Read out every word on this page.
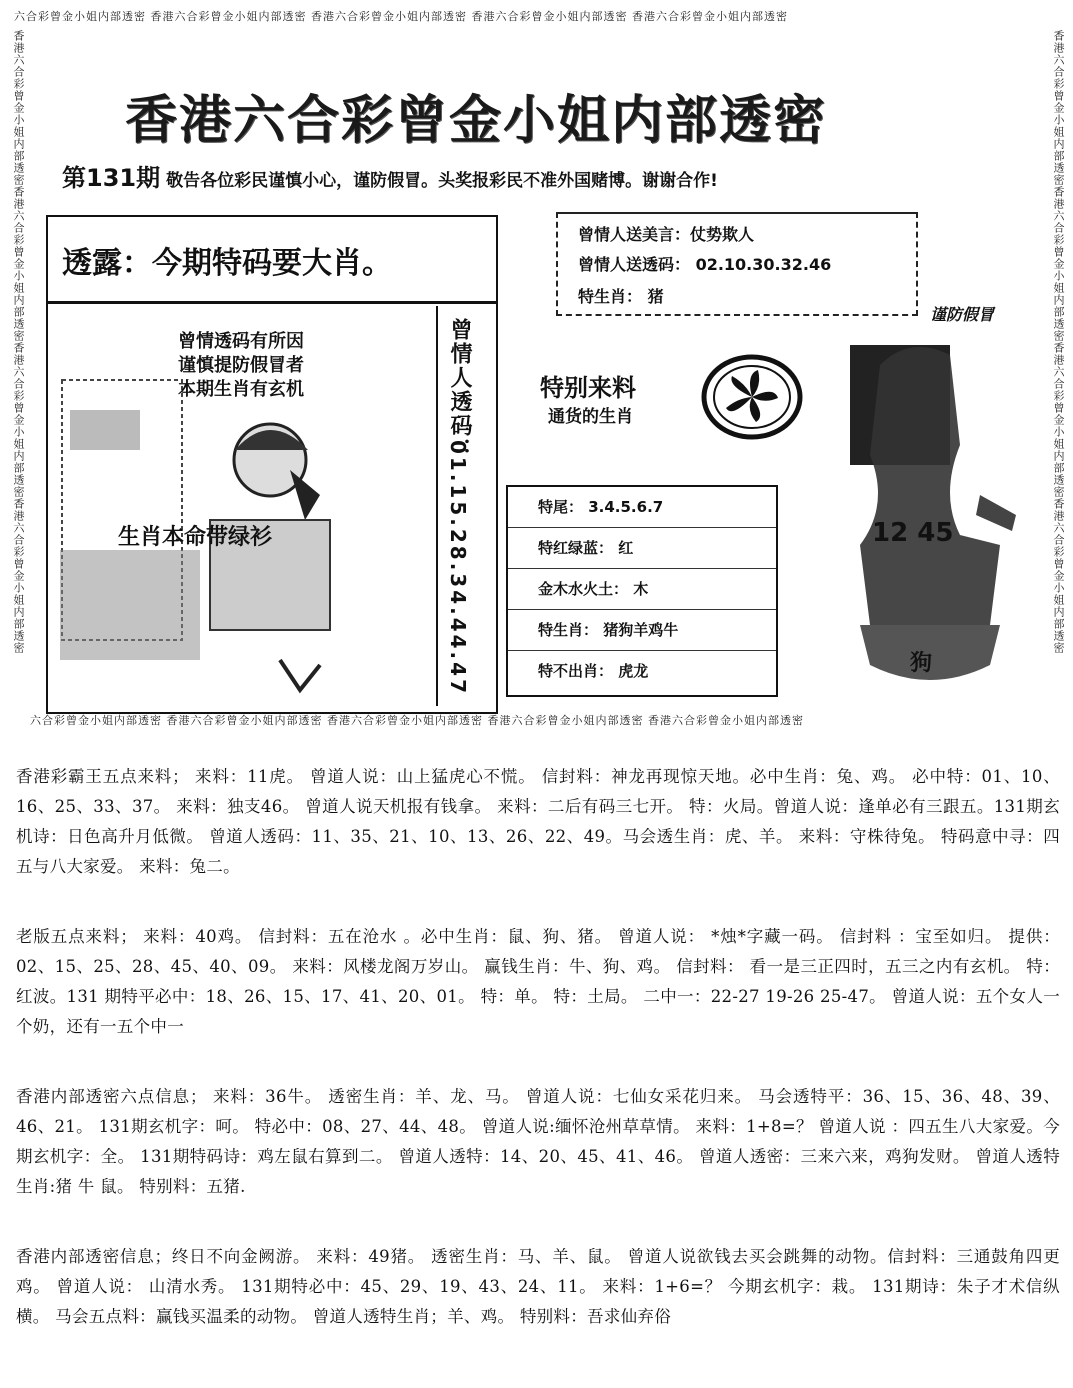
六合彩曾金小姐内部透密 香港六合彩曾金小姐内部透密 香港六合彩曾金小姐内部透密 香港六合彩曾金小姐内部透密 香港六合彩曾金小姐内部透密
六合彩曾金小姐内部透密 香港六合彩曾金小姐内部透密 香港六合彩曾金小姐内部透密 香港六合彩曾金小姐内部透密 香港六合彩曾金小姐内部透密
香港六合彩曾金小姐内部透密香港六合彩曾金小姐内部透密香港六合彩曾金小姐内部透密香港六合彩曾金小姐内部透密	香港六合彩曾金小姐内部透密香港六合彩曾金小姐内部透密香港六合彩曾金小姐内部透密香港六合彩曾金小姐内部透密
香港六合彩曾金小姐内部透密
第131期 敬告各位彩民谨慎小心，谨防假冒。头奖报彩民不准外国赌博。谢谢合作!
透露：今期特码要大肖。
曾情透码有所因
谨慎提防假冒者
本期生肖有玄机
生肖本命带绿衫
曾情人透码：
01.15.28.34.44.47
曾情人送美言：仗势欺人
曾情人送透码： 02.10.30.32.46
特生肖： 猪
特别来料
通货的生肖
特尾： 3.4.5.6.7
特红绿蓝： 红
金木水火土： 木
特生肖： 猪狗羊鸡牛
特不出肖： 虎龙
谨防假冒
12 45
狗
香港彩霸王五点来料； 来料：11虎。 曾道人说：山上猛虎心不慌。 信封料：神龙再现惊天地。必中生肖：兔、鸡。 必中特：01、10、16、25、33、37。 来料：独支46。 曾道人说天机报有钱拿。 来料：二后有码三七开。 特：火局。曾道人说：逢单必有三跟五。131期玄机诗：日色高升月低微。 曾道人透码：11、35、21、10、13、26、22、49。马会透生肖：虎、羊。 来料：守株待兔。 特码意中寻：四五与八大家爱。 来料：兔二。
老版五点来料； 来料：40鸡。 信封料：五在沧水 。必中生肖：鼠、狗、猪。 曾道人说： *烛*字藏一码。 信封料 ：宝至如归。 提供：02、15、25、28、45、40、09。 来料：风楼龙阁万岁山。 赢钱生肖：牛、狗、鸡。 信封料： 看一是三正四时，五三之内有玄机。 特：红波。131 期特平必中：18、26、15、17、41、20、01。 特：单。 特：土局。 二中一：22-27 19-26 25-47。 曾道人说：五个女人一 个奶，还有一五个中一
香港内部透密六点信息； 来料：36牛。 透密生肖：羊、龙、马。 曾道人说：七仙女采花归来。 马会透特平：36、15、36、48、39、46、21。 131期玄机字：呵。 特必中：08、27、44、48。 曾道人说:缅怀沧州草草情。 来料：1+8=？ 曾道人说 ：四五生八大家爱。今期玄机字：全。 131期特码诗：鸡左鼠右算到二。 曾道人透特：14、20、45、41、46。 曾道人透密：三来六来，鸡狗发财。 曾道人透特生肖:猪 牛 鼠。 特别料：五猪.
香港内部透密信息；终日不向金阙游。 来料：49猪。 透密生肖：马、羊、鼠。 曾道人说欲钱去买会跳舞的动物。信封料：三通鼓角四更鸡。 曾道人说： 山清水秀。 131期特必中：45、29、19、43、24、11。 来料：1+6=？ 今期玄机字：栽。 131期诗：朱子才术信纵横。 马会五点料：赢钱买温柔的动物。 曾道人透特生肖；羊、鸡。 特别料：吾求仙弃俗
